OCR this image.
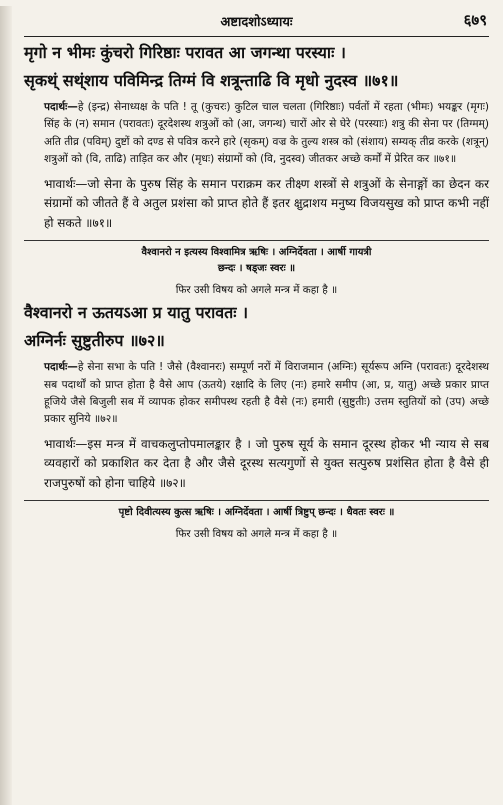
अष्टादशोऽध्यायः	६७९
मृगो न भीमः कुंचरो गिरिष्ठाः परावत आ जगन्था परस्याः ।
सृकथ्ं सथ्ंशाय पविमिन्द्र तिग्मं वि शत्रून्ताढि वि मृधो नुदस्व ॥७१॥

पदार्थः—हे (इन्द्र) सेनाध्यक्ष के पति ! तू (कुचरः) कुटिल चाल चलता (गिरिष्ठाः) पर्वतों में रहता (भीमः) भयङ्कर (मृगः) सिंह के (न) समान (परावतः) दूरदेशस्थ शत्रुओं को (आ, जगन्थ) चारों ओर से घेरे (परस्याः) शत्रु की सेना पर (तिग्मम्) अति तीव्र (पविम्) दुष्टों को दण्ड से पवित्र करने हारे (सृकम्) वज्र के तुल्य शस्त्र को (संशाय) सम्यक् तीव्र करके (शत्रून्) शत्रुओं को (वि, ताढि) ताड़ित कर और (मृधः) संग्रामों को (वि, नुदस्व) जीतकर अच्छे कर्मों में प्रेरित कर ॥७१॥

भावार्थः—जो सेना के पुरुष सिंह के समान पराक्रम कर तीक्ष्ण शस्त्रों से शत्रुओं के सेनाङ्गों का छेदन कर संग्रामों को जीतते हैं वे अतुल प्रशंसा को प्राप्त होते हैं इतर क्षुद्राशय मनुष्य विजयसुख को प्राप्त कभी नहीं हो सकते ॥७१॥

वैश्वानरो न इत्यस्य विश्वामित्र ऋषिः । अग्निर्देवता । आर्षी गायत्री
छन्दः । षड्जः स्वरः ॥
फिर उसी विषय को अगले मन्त्र में कहा है ॥
वैश्वानरो न ऊतयऽआ प्र यातु परावतः ।
अग्निर्नः सुष्टुतीरुप ॥७२॥

पदार्थः—हे सेना सभा के पति ! जैसे (वैश्वानरः) सम्पूर्ण नरों में विराजमान (अग्निः) सूर्यरूप अग्नि (परावतः) दूरदेशस्थ सब पदार्थों को प्राप्त होता है वैसे आप (ऊतये) रक्षादि के लिए (नः) हमारे समीप (आ, प्र, यातु) अच्छे प्रकार प्राप्त हूजिये जैसे बिजुली सब में व्यापक होकर समीपस्थ रहती है वैसे (नः) हमारी (सुष्टुतीः) उत्तम स्तुतियों को (उप) अच्छे प्रकार सुनिये ॥७२॥

भावार्थः—इस मन्त्र में वाचकलुप्तोपमालङ्कार है । जो पुरुष सूर्य के समान दूरस्थ होकर भी न्याय से सब व्यवहारों को प्रकाशित कर देता है और जैसे दूरस्थ सत्यगुणों से युक्त सत्पुरुष प्रशंसित होता है वैसे ही राजपुरुषों को होना चाहिये ॥७२॥

पृष्टो दिवीत्यस्य कुत्स ऋषिः । अग्निर्देवता । आर्षी त्रिष्टुप् छन्दः । धैवतः स्वरः ॥
फिर उसी विषय को अगले मन्त्र में कहा है ॥
